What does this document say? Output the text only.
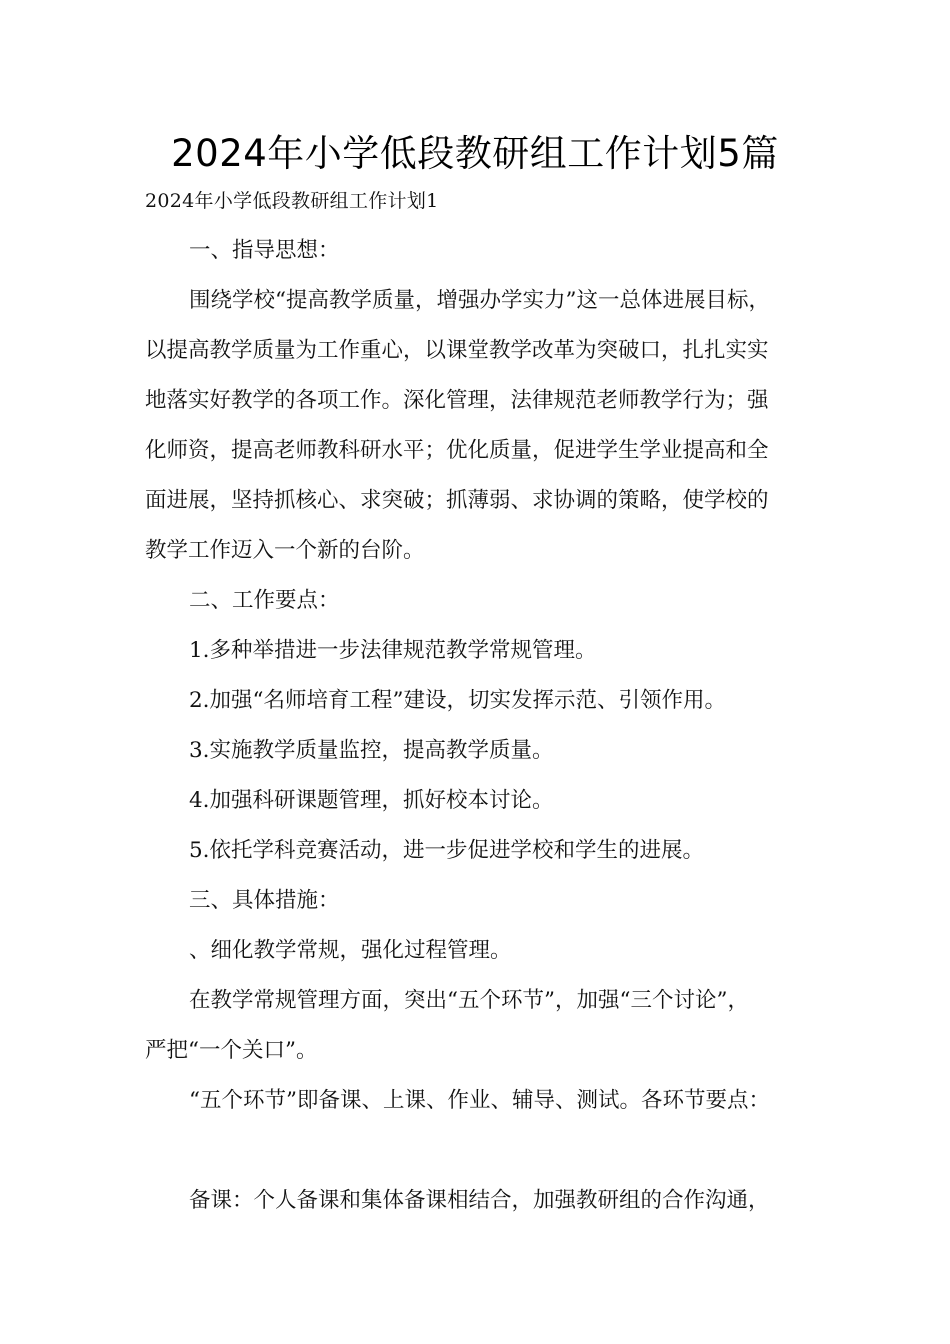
2024年小学低段教研组工作计划5篇

2024年小学低段教研组工作计划1

一、指导思想：

围绕学校“提高教学质量，增强办学实力”这一总体进展目标，

以提高教学质量为工作重心，以课堂教学改革为突破口，扎扎实实

地落实好教学的各项工作。深化管理，法律规范老师教学行为；强

化师资，提高老师教科研水平；优化质量，促进学生学业提高和全

面进展，坚持抓核心、求突破；抓薄弱、求协调的策略，使学校的

教学工作迈入一个新的台阶。

二、工作要点：

1.多种举措进一步法律规范教学常规管理。

2.加强“名师培育工程”建设，切实发挥示范、引领作用。

3.实施教学质量监控，提高教学质量。

4.加强科研课题管理，抓好校本讨论。

5.依托学科竞赛活动，进一步促进学校和学生的进展。

三、具体措施：

、细化教学常规，强化过程管理。

在教学常规管理方面，突出“五个环节”，加强“三个讨论”，

严把“一个关口”。

“五个环节”即备课、上课、作业、辅导、测试。各环节要点：

备课：个人备课和集体备课相结合，加强教研组的合作沟通，
